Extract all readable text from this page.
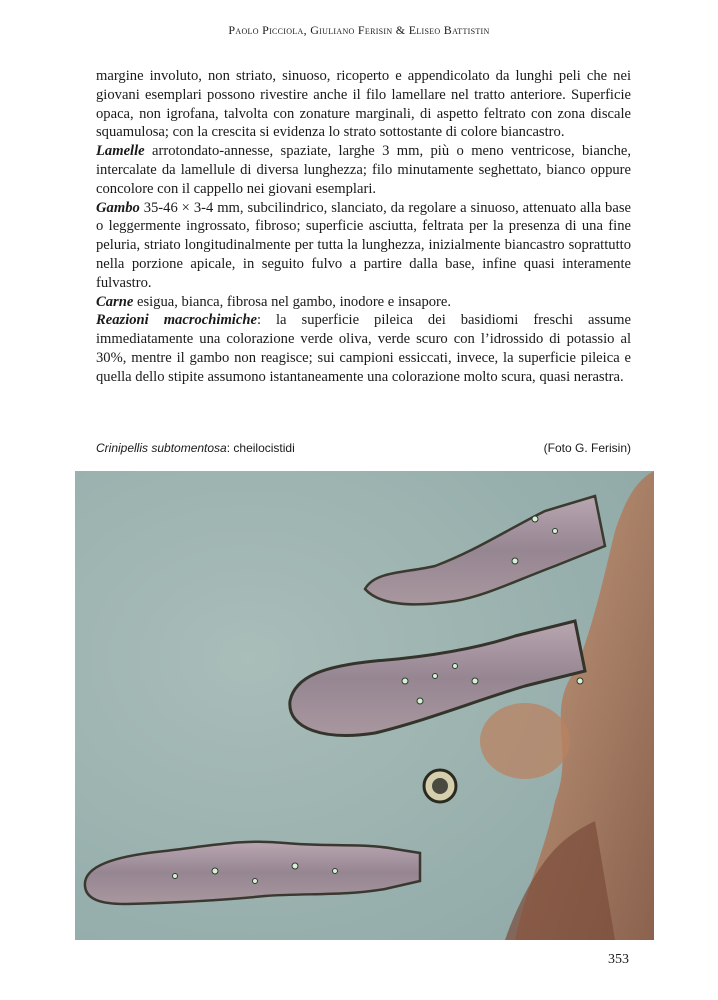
Paolo Picciola, Giuliano Ferisin & Eliseo Battistin

margine involuto, non striato, sinuoso, ricoperto e appendicolato da lunghi peli che nei giovani esemplari possono rivestire anche il filo lamellare nel tratto anteriore. Superficie opaca, non igrofana, talvolta con zonature marginali, di aspetto feltrato con zona discale squamulosa; con la crescita si evidenza lo strato sottostante di colore biancastro.

Lamelle arrotondato-annesse, spaziate, larghe 3 mm, più o meno ventricose, bianche, intercalate da lamellule di diversa lunghezza; filo minutamente seghettato, bianco oppure concolore con il cappello nei giovani esemplari.

Gambo 35-46 × 3-4 mm, subcilindrico, slanciato, da regolare a sinuoso, attenuato alla base o leggermente ingrossato, fibroso; superficie asciutta, feltrata per la presenza di una fine peluria, striato longitudinalmente per tutta la lunghezza, inizialmente biancastro soprattutto nella porzione apicale, in seguito fulvo a partire dalla base, infine quasi interamente fulvastro.

Carne esigua, bianca, fibrosa nel gambo, inodore e insapore.

Reazioni macrochimiche: la superficie pileica dei basidiomi freschi assume immediatamente una colorazione verde oliva, verde scuro con l’idrossido di potassio al 30%, mentre il gambo non reagisce; sui campioni essiccati, invece, la superficie pileica e quella dello stipite assumono istantaneamente una colorazione molto scura, quasi nerastra.

Crinipellis subtomentosa: cheilocistidi	(Foto G. Ferisin)
353
